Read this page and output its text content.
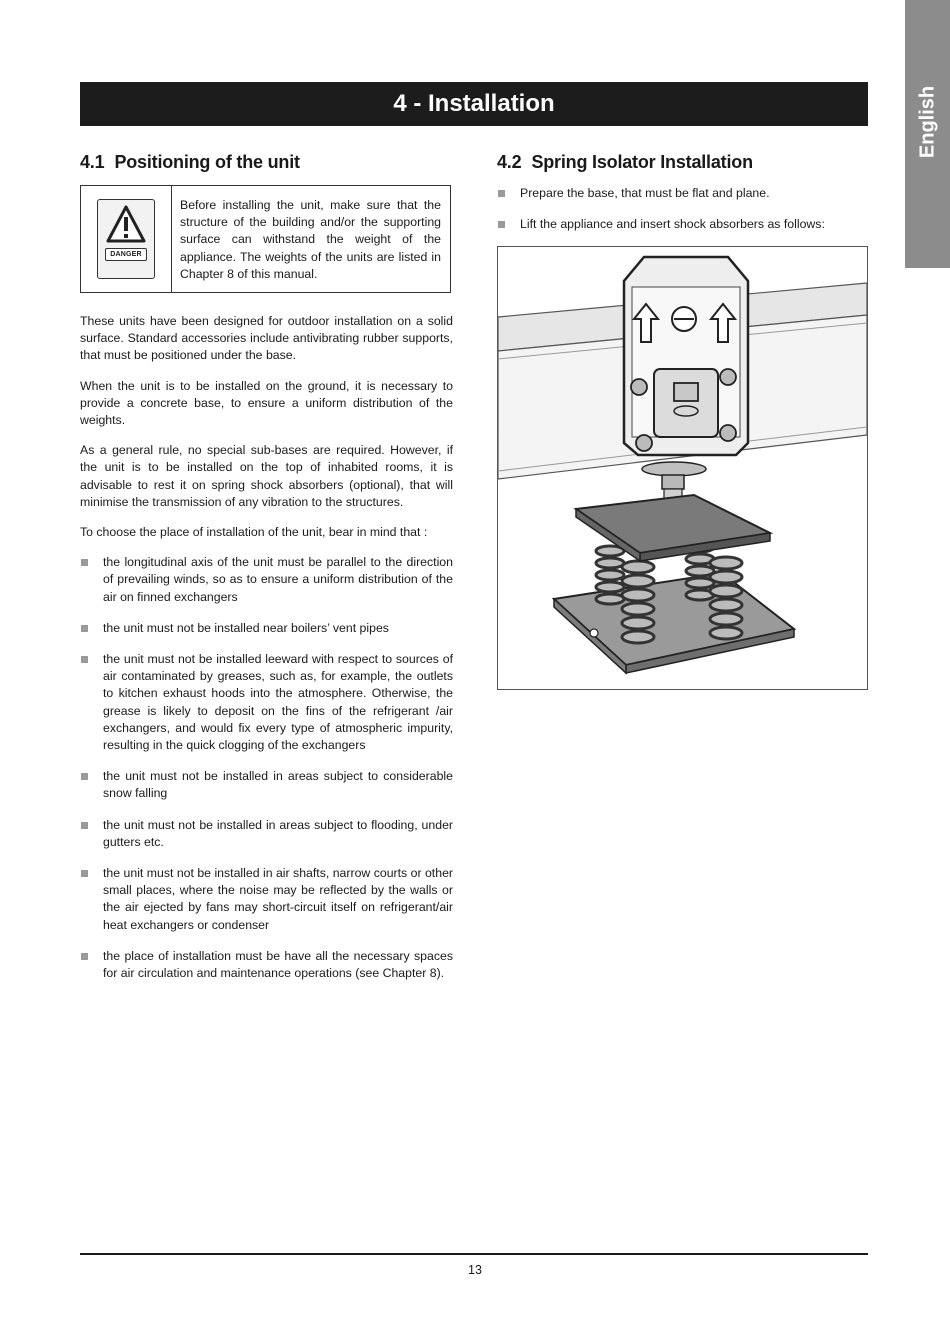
English
4 - Installation
4.1 Positioning of the unit
DANGER
Before installing the unit, make sure that the structure of the building and/or the supporting surface can withstand the weight of the appliance. The weights of the units are listed in Chapter 8 of this manual.

These units have been designed for outdoor installation on a solid surface. Standard accessories include antivibrating rubber supports, that must be positioned under the base.

When the unit is to be installed on the ground, it is necessary to provide a concrete base, to ensure a uniform distribution of the weights.

As a general rule, no special sub-bases are required. However, if the unit is to be installed on the top of inhabited rooms, it is advisable to rest it on spring shock absorbers (optional), that will minimise the transmission of any vibration to the structures.

To choose the place of installation of the unit, bear in mind that :

the longitudinal axis of the unit must be parallel to the direction of prevailing winds, so as to ensure a uniform distribution of the air on finned exchangers
the unit must not be installed near boilers’ vent pipes
the unit must not be installed leeward with respect to sources of air contaminated by greases, such as, for example, the outlets to kitchen exhaust hoods into the atmosphere. Otherwise, the grease is likely to deposit on the fins of the refrigerant /air exchangers, and would fix every type of atmospheric impurity, resulting in the quick clogging of the exchangers
the unit must not be installed in areas subject to considerable snow falling
the unit must not be installed in areas subject to flooding, under gutters etc.
the unit must not be installed in air shafts, narrow courts or other small places, where the noise may be reflected by the walls or the air ejected by fans may short-circuit itself on refrigerant/air heat exchangers or condenser
the place of installation must be have all the necessary spaces for air circulation and maintenance operations (see Chapter 8).
4.2 Spring Isolator Installation
Prepare the base, that must be flat and plane.
Lift the appliance and insert shock absorbers as follows:
13
